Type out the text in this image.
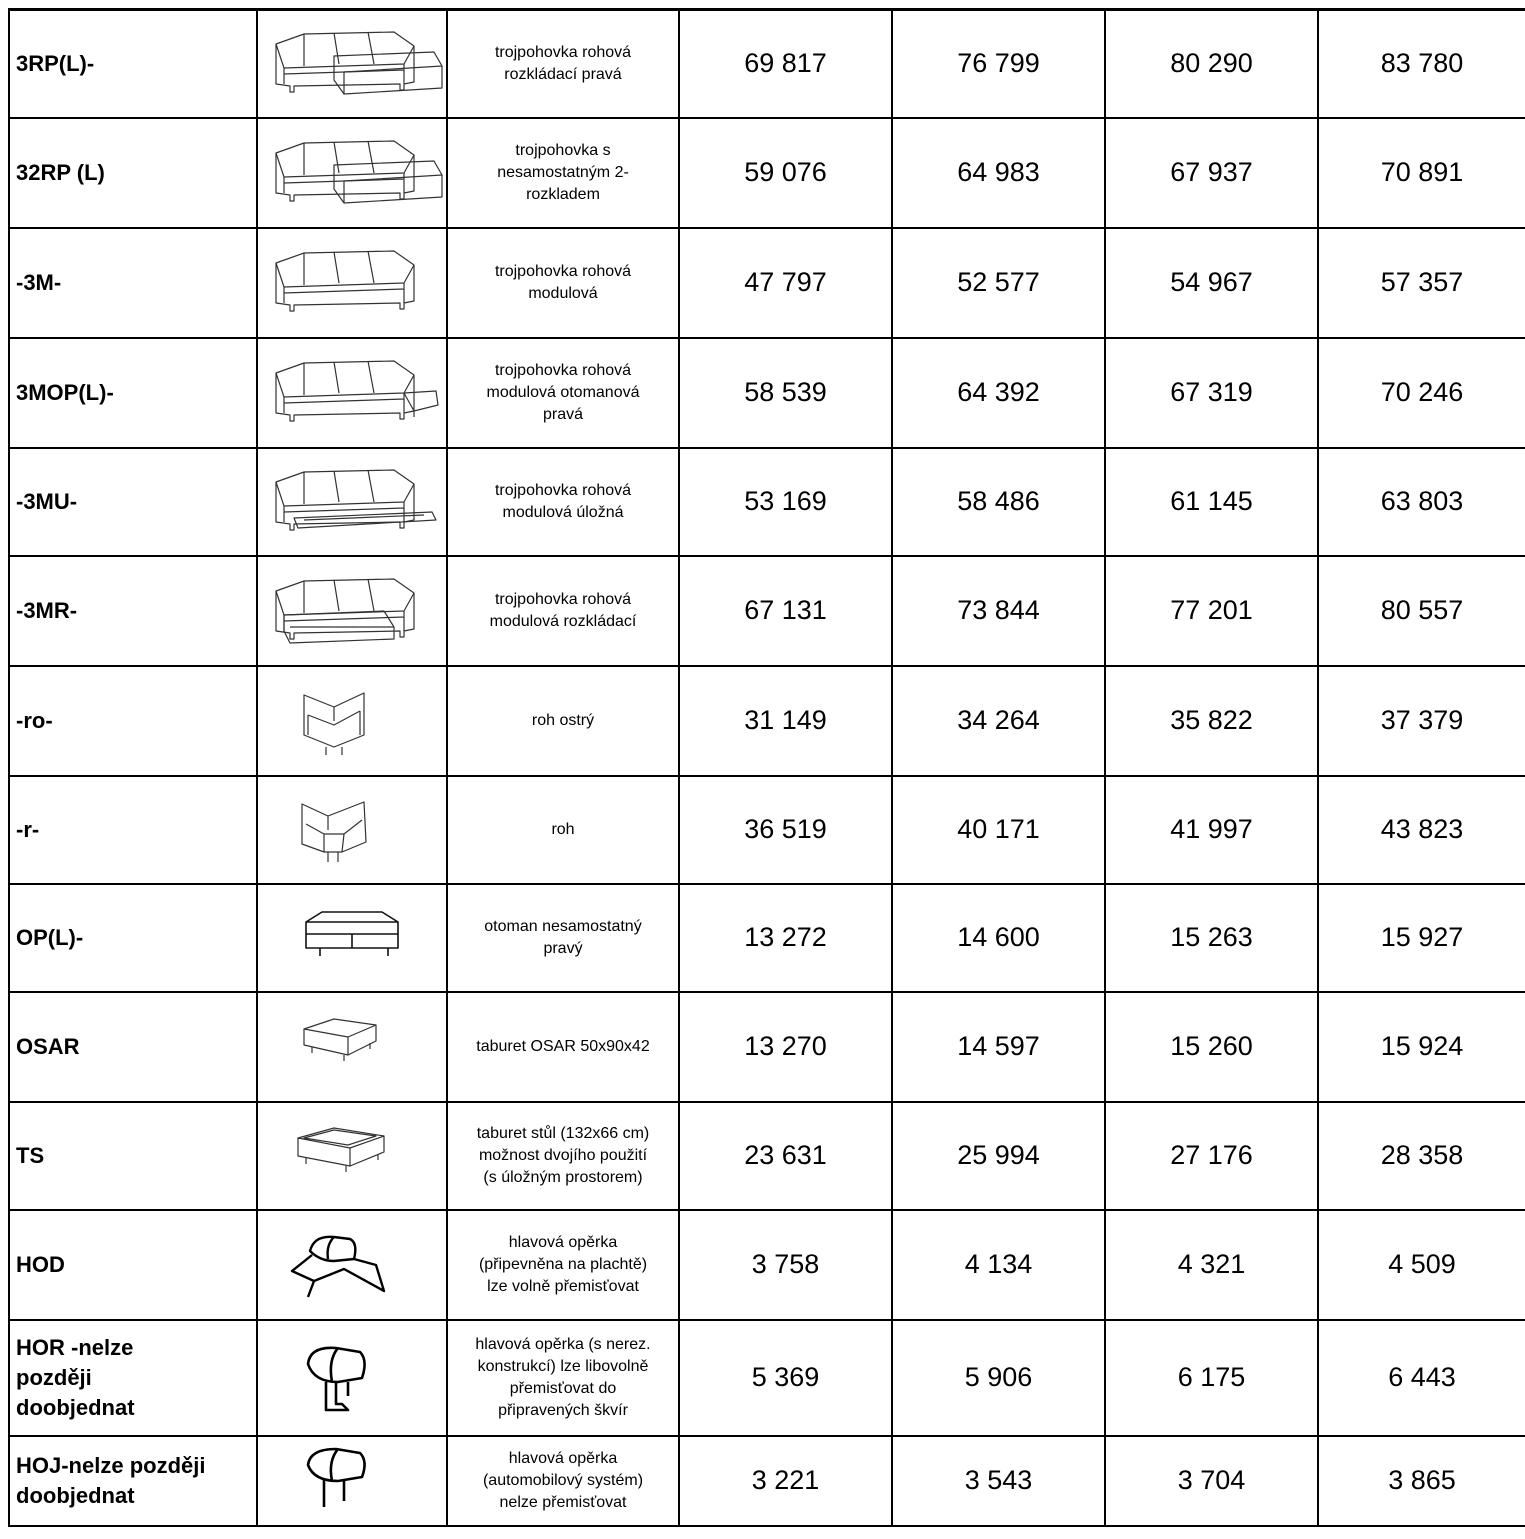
3RP(L)-		trojpohovka rohová
rozkládací pravá	69 817	76 799	80 290	83 780
32RP (L)		trojpohovka s
nesamostatným 2-
rozkladem	59 076	64 983	67 937	70 891
-3M-		trojpohovka rohová
modulová	47 797	52 577	54 967	57 357
3MOP(L)-		trojpohovka rohová
modulová otomanová
pravá	58 539	64 392	67 319	70 246
-3MU-		trojpohovka rohová
modulová úložná	53 169	58 486	61 145	63 803
-3MR-		trojpohovka rohová
modulová rozkládací	67 131	73 844	77 201	80 557
-ro-		roh ostrý	31 149	34 264	35 822	37 379
-r-		roh	36 519	40 171	41 997	43 823
OP(L)-		otoman nesamostatný
pravý	13 272	14 600	15 263	15 927
OSAR		taburet OSAR 50x90x42	13 270	14 597	15 260	15 924
TS		taburet stůl (132x66 cm)
možnost dvojího použití
(s úložným prostorem)	23 631	25 994	27 176	28 358
HOD		hlavová opěrka
(připevněna na plachtě)
lze volně přemisťovat	3 758	4 134	4 321	4 509
HOR -nelze
později
doobjednat		hlavová opěrka (s nerez.
konstrukcí) lze libovolně
přemisťovat do
připravených škvír	5 369	5 906	6 175	6 443
HOJ-nelze později
doobjednat		hlavová opěrka
(automobilový systém)
nelze přemisťovat	3 221	3 543	3 704	3 865
